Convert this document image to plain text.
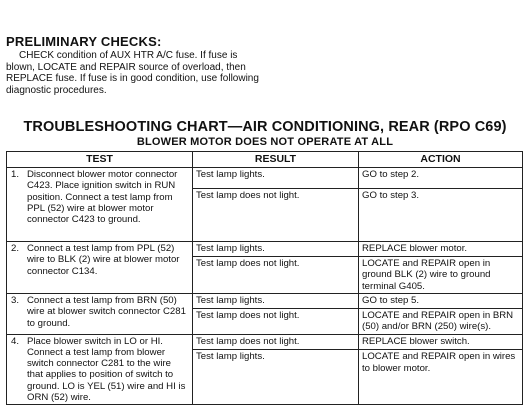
PRELIMINARY CHECKS:

CHECK condition of AUX HTR A/C fuse. If fuse is blown, LOCATE and REPAIR source of overload, then REPLACE fuse. If fuse is in good condition, use following diagnostic procedures.

TROUBLESHOOTING CHART—AIR CONDITIONING, REAR (RPO C69)
BLOWER MOTOR DOES NOT OPERATE AT ALL
TEST	RESULT	ACTION

1. Disconnect blower motor connector C423. Place ignition switch in RUN position. Connect a test lamp from PPL (52) wire at blower motor connector C423 to ground.	Test lamp lights.	GO to step 2.
	Test lamp does not light.	GO to step 3.

2. Connect a test lamp from PPL (52) wire to BLK (2) wire at blower motor connector C134.	Test lamp lights.	REPLACE blower motor.
	Test lamp does not light.	LOCATE and REPAIR open in ground BLK (2) wire to ground terminal G405.

3. Connect a test lamp from BRN (50) wire at blower switch connector C281 to ground.	Test lamp lights.	GO to step 5.
	Test lamp does not light.	LOCATE and REPAIR open in BRN (50) and/or BRN (250) wire(s).

4. Place blower switch in LO or HI. Connect a test lamp from blower switch connector C281 to the wire that applies to position of switch to ground. LO is YEL (51) wire and HI is ORN (52) wire.	Test lamp does not light.	REPLACE blower switch.
	Test lamp lights.	LOCATE and REPAIR open in wires to blower motor.
